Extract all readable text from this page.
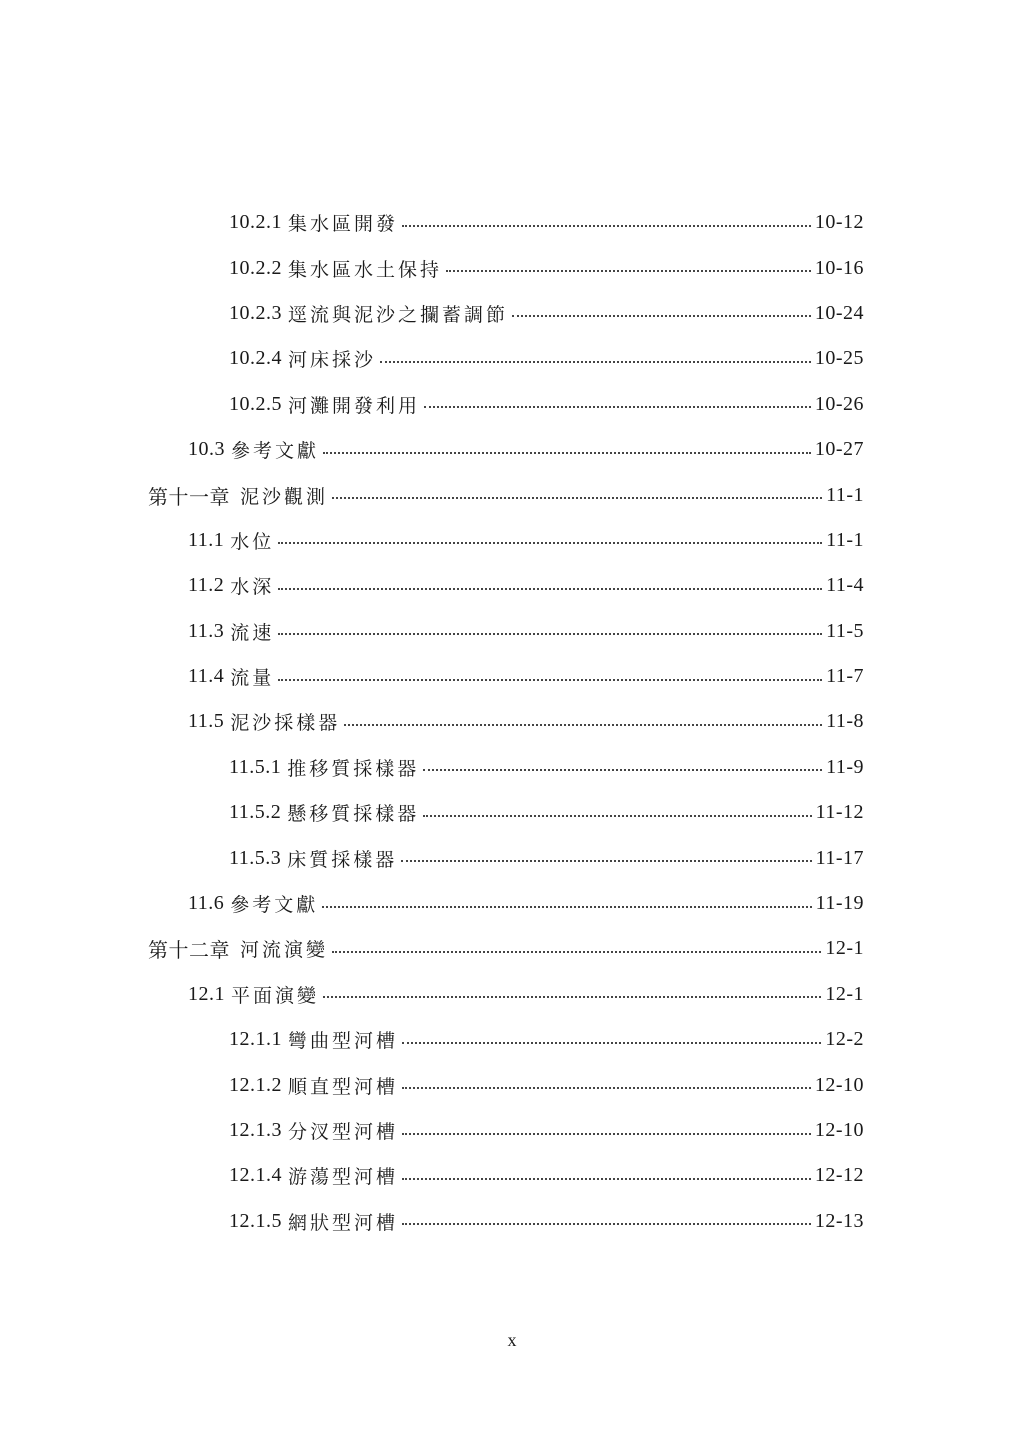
10.2.1 集水區開發	10-12
10.2.2 集水區水土保持	10-16
10.2.3 逕流與泥沙之攔蓄調節	10-24
10.2.4 河床採沙	10-25
10.2.5 河灘開發利用	10-26
10.3 參考文獻	10-27
第十一章 泥沙觀測	11-1
11.1 水位	11-1
11.2 水深	11-4
11.3 流速	11-5
11.4 流量	11-7
11.5 泥沙採樣器	11-8
11.5.1 推移質採樣器	11-9
11.5.2 懸移質採樣器	11-12
11.5.3 床質採樣器	11-17
11.6 參考文獻	11-19
第十二章 河流演變	12-1
12.1 平面演變	12-1
12.1.1 彎曲型河槽	12-2
12.1.2 順直型河槽	12-10
12.1.3 分汊型河槽	12-10
12.1.4 游蕩型河槽	12-12
12.1.5 網狀型河槽	12-13
x
